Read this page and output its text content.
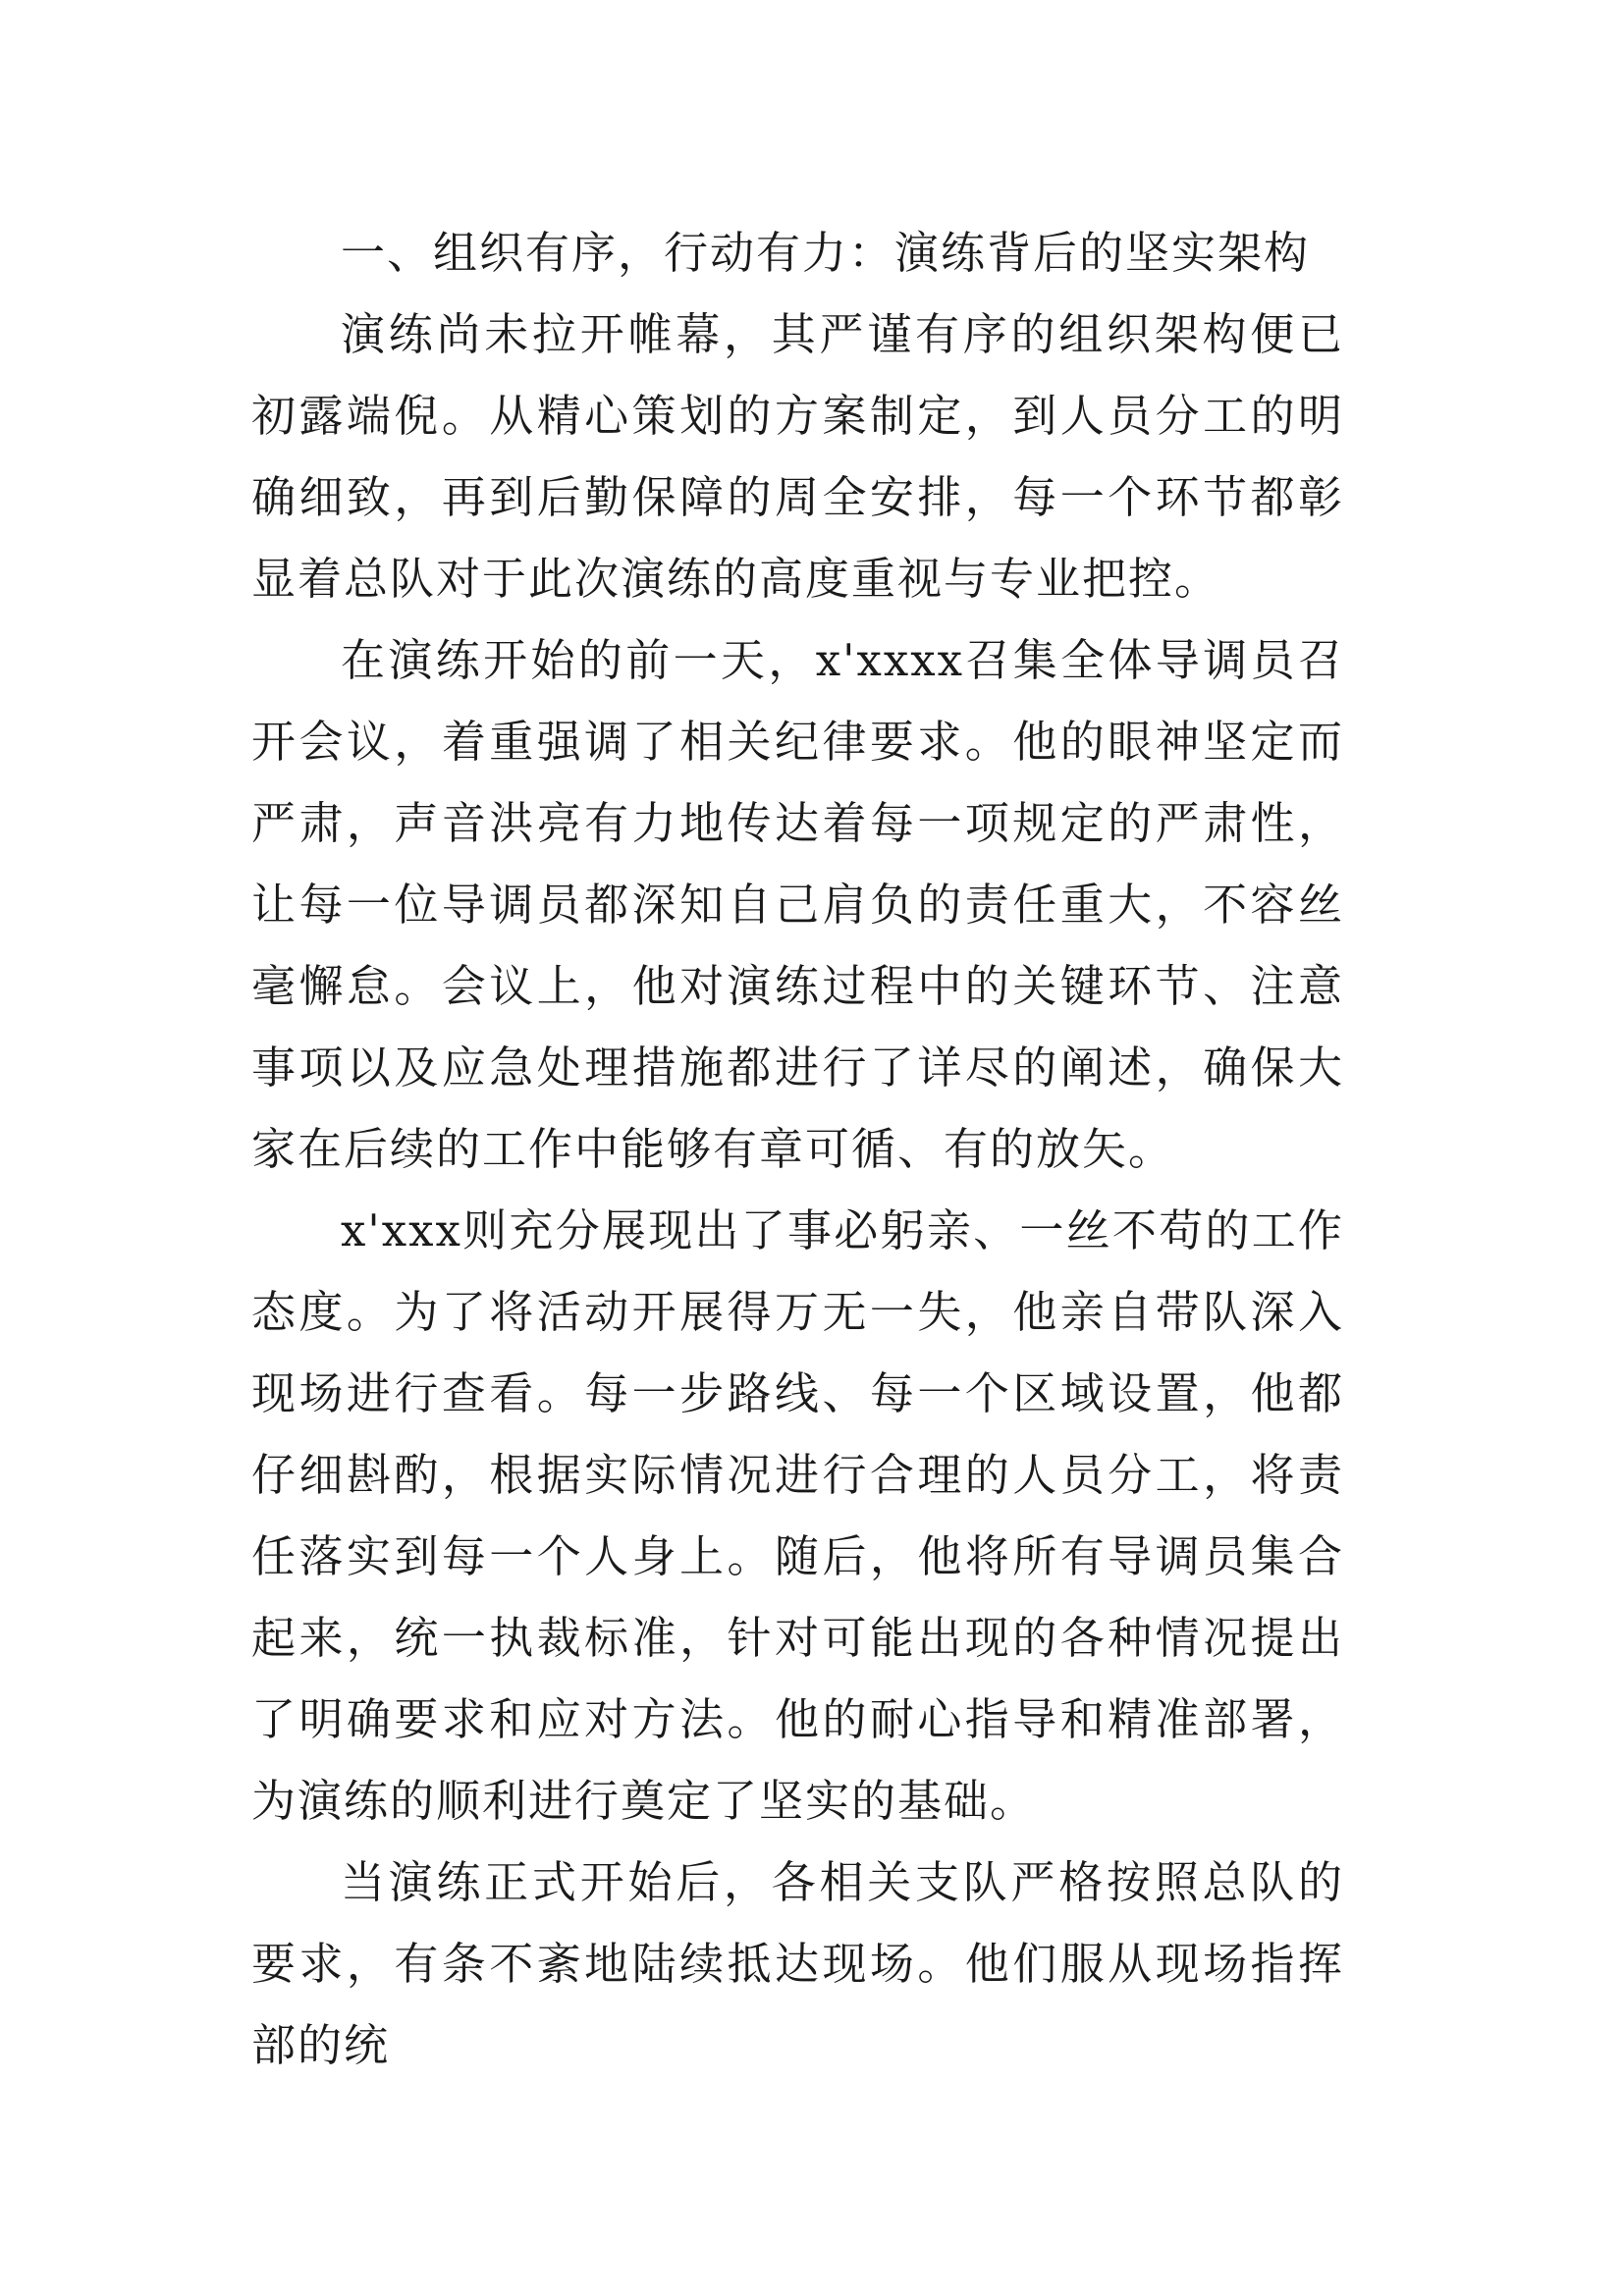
一、组织有序，行动有力：演练背后的坚实架构

演练尚未拉开帷幕，其严谨有序的组织架构便已初露端倪。从精心策划的方案制定，到人员分工的明确细致，再到后勤保障的周全安排，每一个环节都彰显着总队对于此次演练的高度重视与专业把控。

在演练开始的前一天，x'xxxx召集全体导调员召开会议，着重强调了相关纪律要求。他的眼神坚定而严肃，声音洪亮有力地传达着每一项规定的严肃性，让每一位导调员都深知自己肩负的责任重大，不容丝毫懈怠。会议上，他对演练过程中的关键环节、注意事项以及应急处理措施都进行了详尽的阐述，确保大家在后续的工作中能够有章可循、有的放矢。

x'xxx则充分展现出了事必躬亲、一丝不苟的工作态度。为了将活动开展得万无一失，他亲自带队深入现场进行查看。每一步路线、每一个区域设置，他都仔细斟酌，根据实际情况进行合理的人员分工，将责任落实到每一个人身上。随后，他将所有导调员集合起来，统一执裁标准，针对可能出现的各种情况提出了明确要求和应对方法。他的耐心指导和精准部署，为演练的顺利进行奠定了坚实的基础。

当演练正式开始后，各相关支队严格按照总队的要求，有条不紊地陆续抵达现场。他们服从现场指挥部的统
